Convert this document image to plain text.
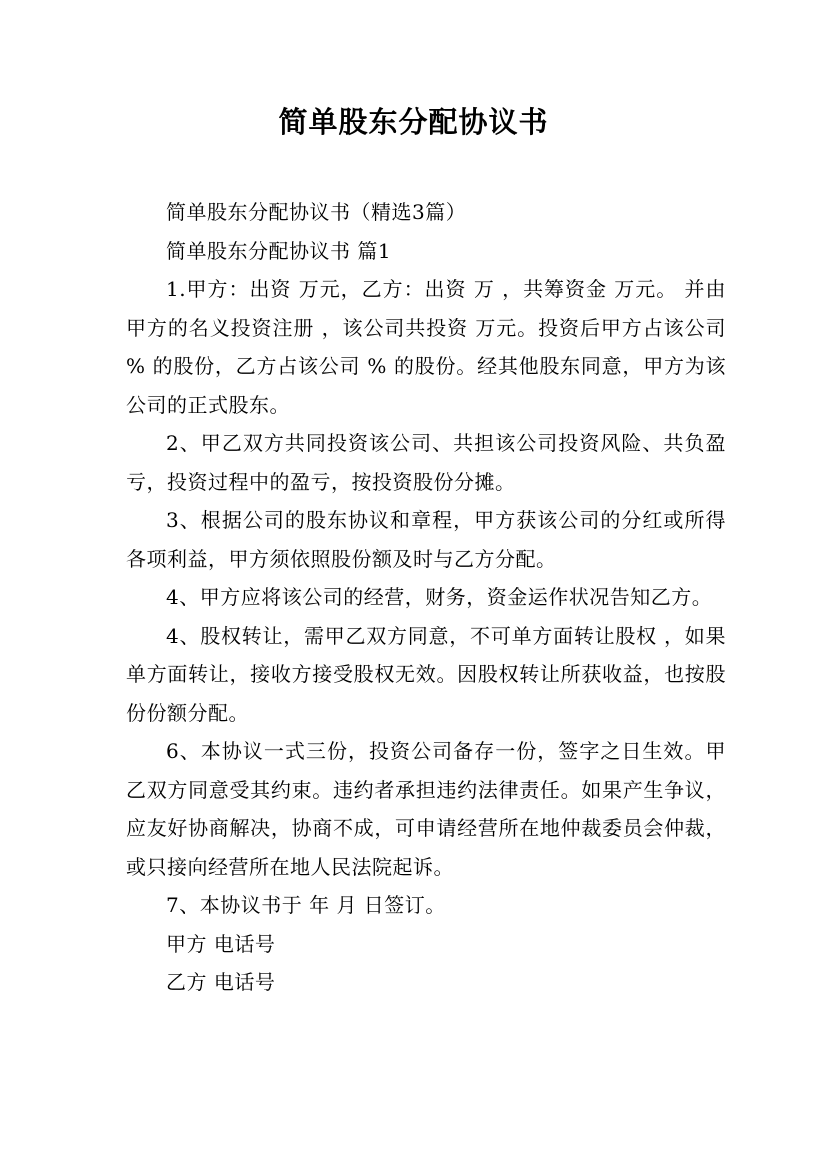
简单股东分配协议书

简单股东分配协议书（精选3篇）

简单股东分配协议书 篇1

1.甲方：出资 万元，乙方：出资 万 ，共筹资金 万元。 并由甲方的名义投资注册 ，该公司共投资 万元。投资后甲方占该公司 % 的股份，乙方占该公司 % 的股份。经其他股东同意，甲方为该公司的正式股东。

2、甲乙双方共同投资该公司、共担该公司投资风险、共负盈亏，投资过程中的盈亏，按投资股份分摊。

3、根据公司的股东协议和章程，甲方获该公司的分红或所得各项利益，甲方须依照股份额及时与乙方分配。

4、甲方应将该公司的经营，财务，资金运作状况告知乙方。

4、股权转让，需甲乙双方同意，不可单方面转让股权 ，如果单方面转让，接收方接受股权无效。因股权转让所获收益，也按股份份额分配。

6、本协议一式三份，投资公司备存一份，签字之日生效。甲乙双方同意受其约束。违约者承担违约法律责任。如果产生争议，应友好协商解决，协商不成，可申请经营所在地仲裁委员会仲裁，或只接向经营所在地人民法院起诉。

7、本协议书于 年 月 日签订。

甲方 电话号

乙方 电话号
